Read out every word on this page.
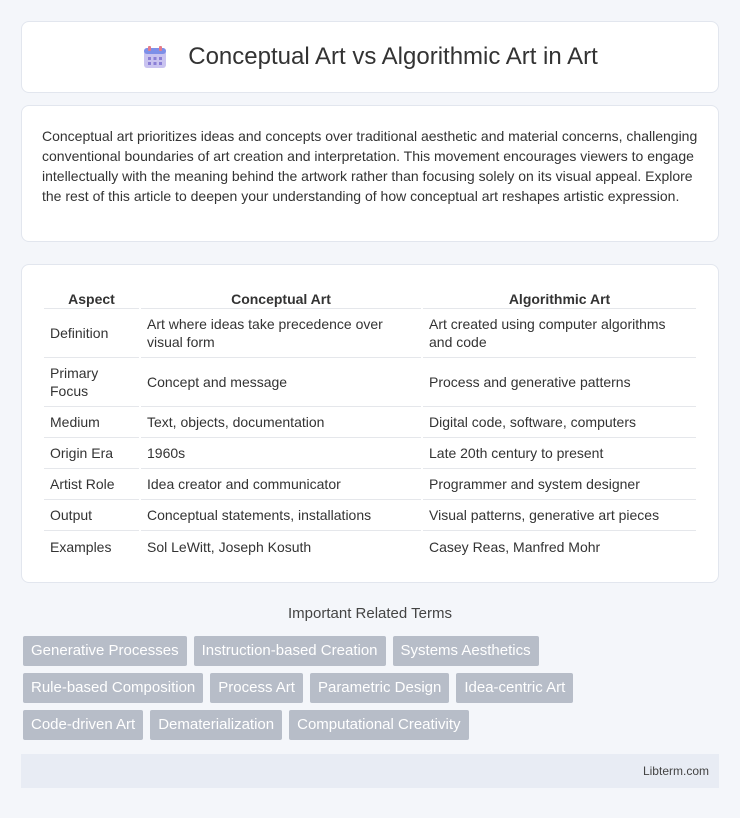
Conceptual Art vs Algorithmic Art in Art

Conceptual art prioritizes ideas and concepts over traditional aesthetic and material concerns, challenging conventional boundaries of art creation and interpretation. This movement encourages viewers to engage intellectually with the meaning behind the artwork rather than focusing solely on its visual appeal. Explore the rest of this article to deepen your understanding of how conceptual art reshapes artistic expression.

Aspect	Conceptual Art	Algorithmic Art
Definition	Art where ideas take precedence over visual form	Art created using computer algorithms and code
Primary Focus	Concept and message	Process and generative patterns
Medium	Text, objects, documentation	Digital code, software, computers
Origin Era	1960s	Late 20th century to present
Artist Role	Idea creator and communicator	Programmer and system designer
Output	Conceptual statements, installations	Visual patterns, generative art pieces
Examples	Sol LeWitt, Joseph Kosuth	Casey Reas, Manfred Mohr
Important Related Terms
Generative Processes	Instruction-based Creation	Systems Aesthetics
Rule-based Composition	Process Art	Parametric Design	Idea-centric Art
Code-driven Art	Dematerialization	Computational Creativity
Libterm.com
